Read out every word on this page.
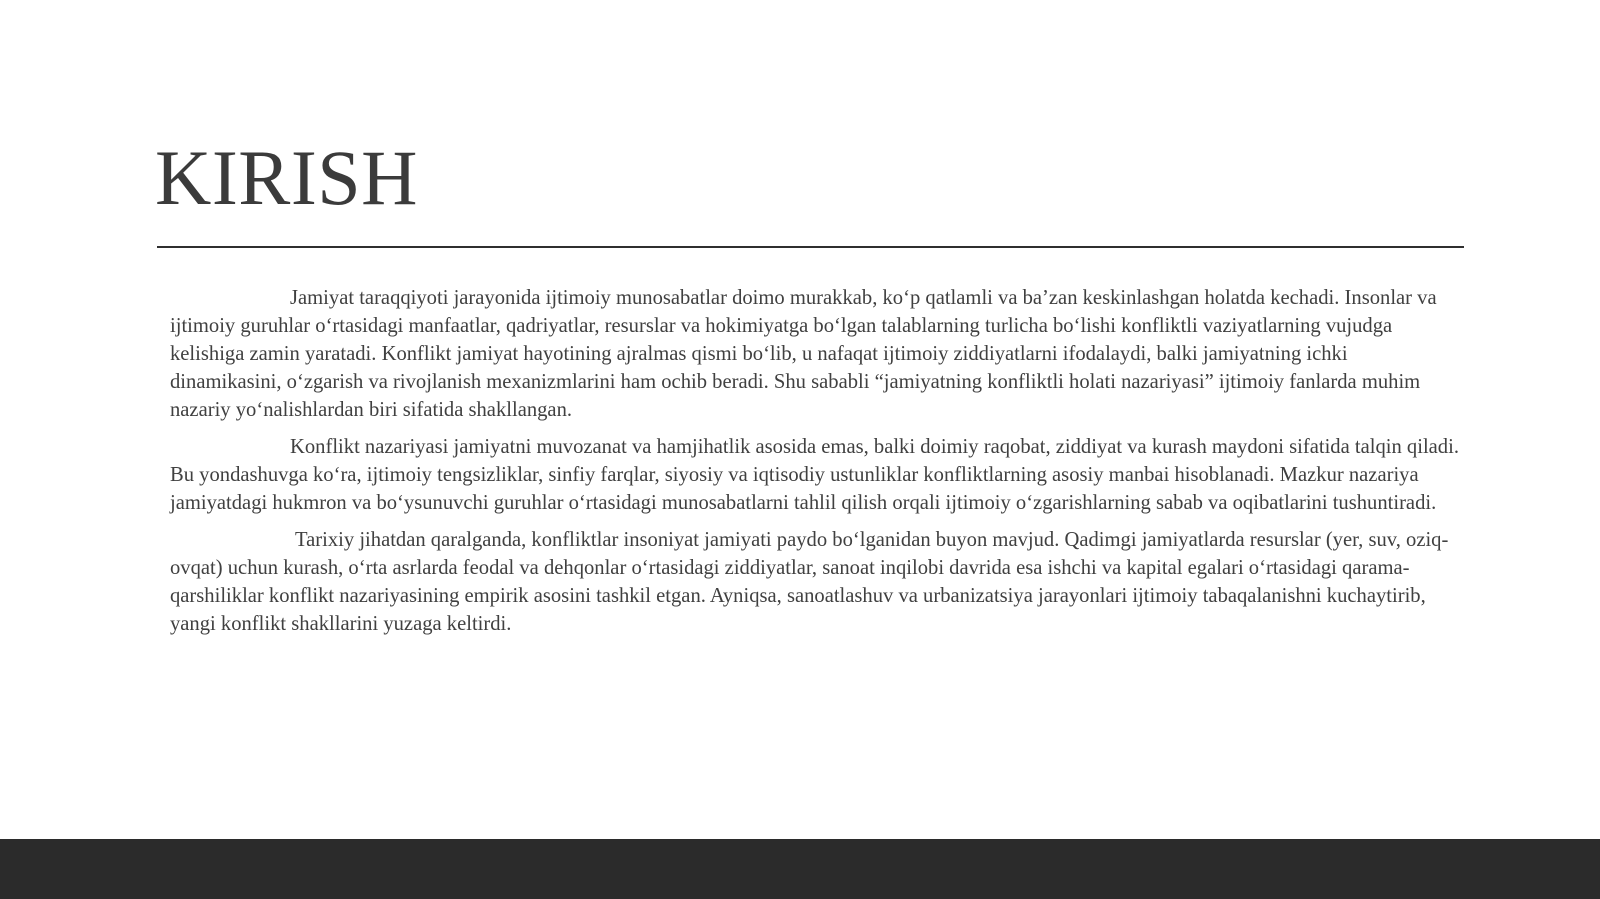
KIRISH

Jamiyat taraqqiyoti jarayonida ijtimoiy munosabatlar doimo murakkab, ko‘p qatlamli va ba’zan keskinlashgan holatda kechadi. Insonlar va ijtimoiy guruhlar o‘rtasidagi manfaatlar, qadriyatlar, resurslar va hokimiyatga bo‘lgan talablarning turlicha bo‘lishi konfliktli vaziyatlarning vujudga kelishiga zamin yaratadi. Konflikt jamiyat hayotining ajralmas qismi bo‘lib, u nafaqat ijtimoiy ziddiyatlarni ifodalaydi, balki jamiyatning ichki dinamikasini, o‘zgarish va rivojlanish mexanizmlarini ham ochib beradi. Shu sababli “jamiyatning konfliktli holati nazariyasi” ijtimoiy fanlarda muhim nazariy yo‘nalishlardan biri sifatida shakllangan.

Konflikt nazariyasi jamiyatni muvozanat va hamjihatlik asosida emas, balki doimiy raqobat, ziddiyat va kurash maydoni sifatida talqin qiladi. Bu yondashuvga ko‘ra, ijtimoiy tengsizliklar, sinfiy farqlar, siyosiy va iqtisodiy ustunliklar konfliktlarning asosiy manbai hisoblanadi. Mazkur nazariya jamiyatdagi hukmron va bo‘ysunuvchi guruhlar o‘rtasidagi munosabatlarni tahlil qilish orqali ijtimoiy o‘zgarishlarning sabab va oqibatlarini tushuntiradi.

Tarixiy jihatdan qaralganda, konfliktlar insoniyat jamiyati paydo bo‘lganidan buyon mavjud. Qadimgi jamiyatlarda resurslar (yer, suv, oziq-ovqat) uchun kurash, o‘rta asrlarda feodal va dehqonlar o‘rtasidagi ziddiyatlar, sanoat inqilobi davrida esa ishchi va kapital egalari o‘rtasidagi qarama-qarshiliklar konflikt nazariyasining empirik asosini tashkil etgan. Ayniqsa, sanoatlashuv va urbanizatsiya jarayonlari ijtimoiy tabaqalanishni kuchaytirib, yangi konflikt shakllarini yuzaga keltirdi.
